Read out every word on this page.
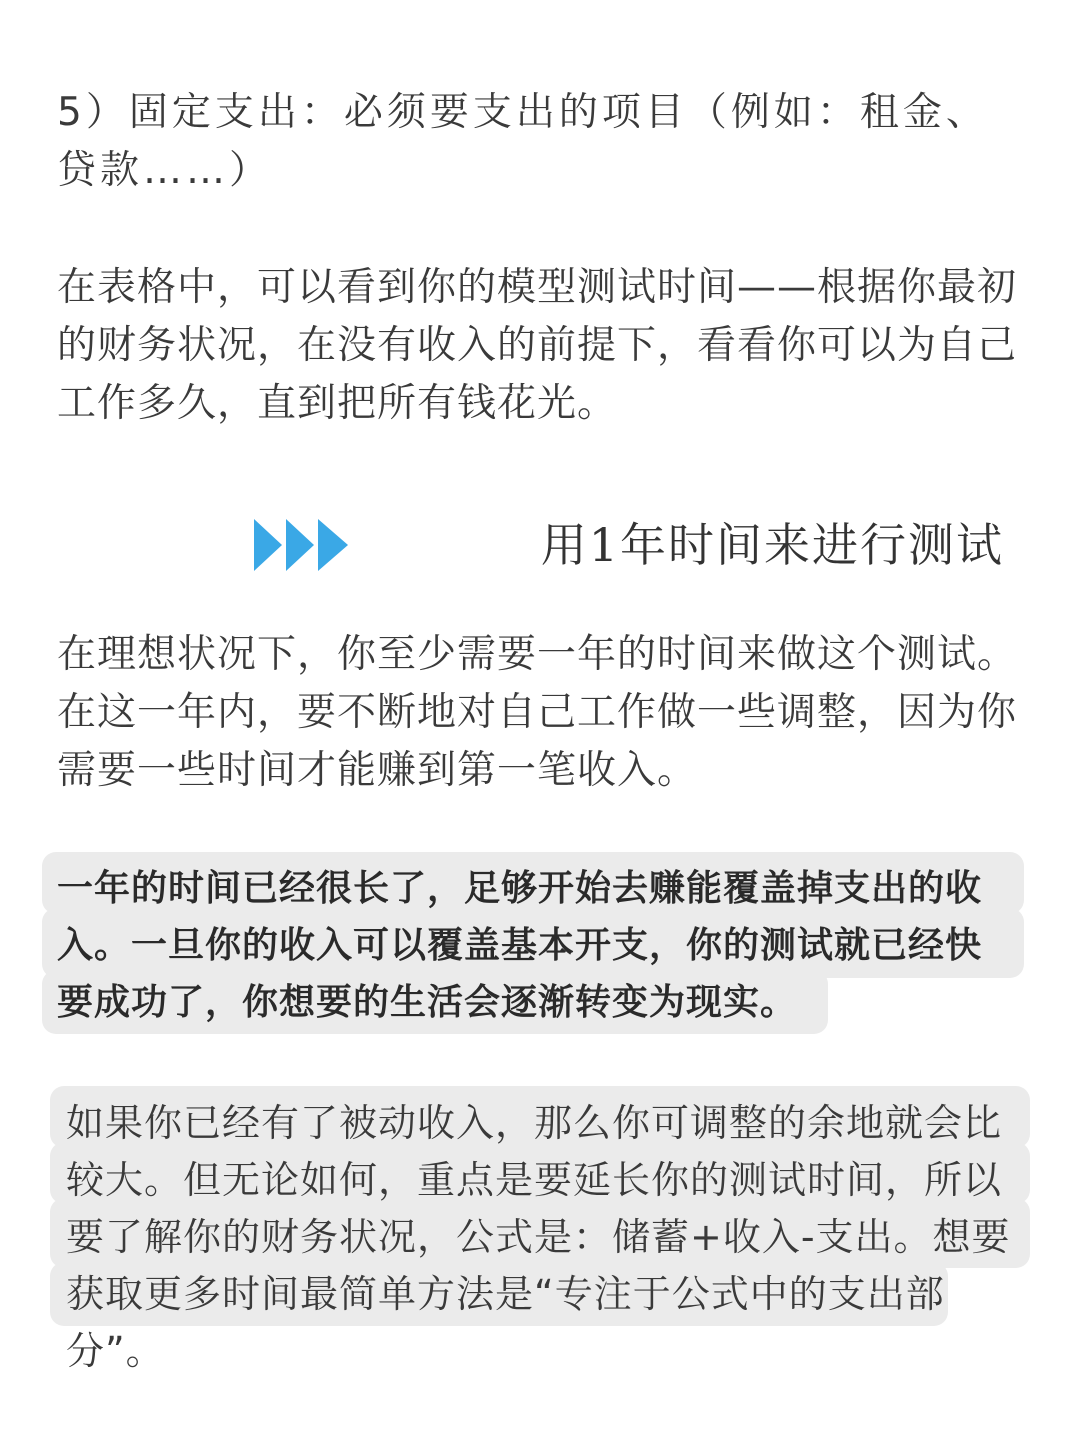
5）固定支出：必须要支出的项目（例如：租金、贷款……）

在表格中，可以看到你的模型测试时间——根据你最初的财务状况，在没有收入的前提下，看看你可以为自己工作多久，直到把所有钱花光。

用1年时间来进行测试

在理想状况下，你至少需要一年的时间来做这个测试。在这一年内，要不断地对自己工作做一些调整，因为你需要一些时间才能赚到第一笔收入。

一年的时间已经很长了，足够开始去赚能覆盖掉支出的收入。一旦你的收入可以覆盖基本开支，你的测试就已经快要成功了，你想要的生活会逐渐转变为现实。

如果你已经有了被动收入，那么你可调整的余地就会比较大。但无论如何，重点是要延长你的测试时间，所以要了解你的财务状况，公式是：储蓄+收入-支出。想要获取更多时间最简单方法是“专注于公式中的支出部分”。
